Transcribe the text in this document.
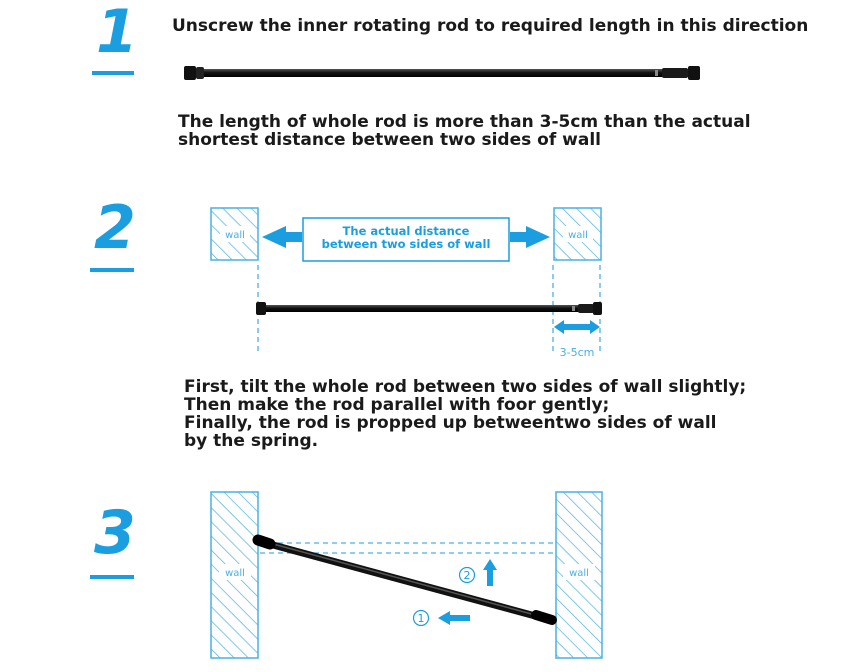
wall	wall
The actual distance
between two sides of wall
3-5cm
wall	wall
2
1
1
2
3

Unscrew the inner rotating rod to required length in this direction

The length of whole rod is more than 3-5cm than the actual
shortest distance between two sides of wall

First, tilt the whole rod between two sides of wall slightly;
Then make the rod parallel with foor gently;
Finally, the rod is propped up betweentwo sides of wall
by the spring.
